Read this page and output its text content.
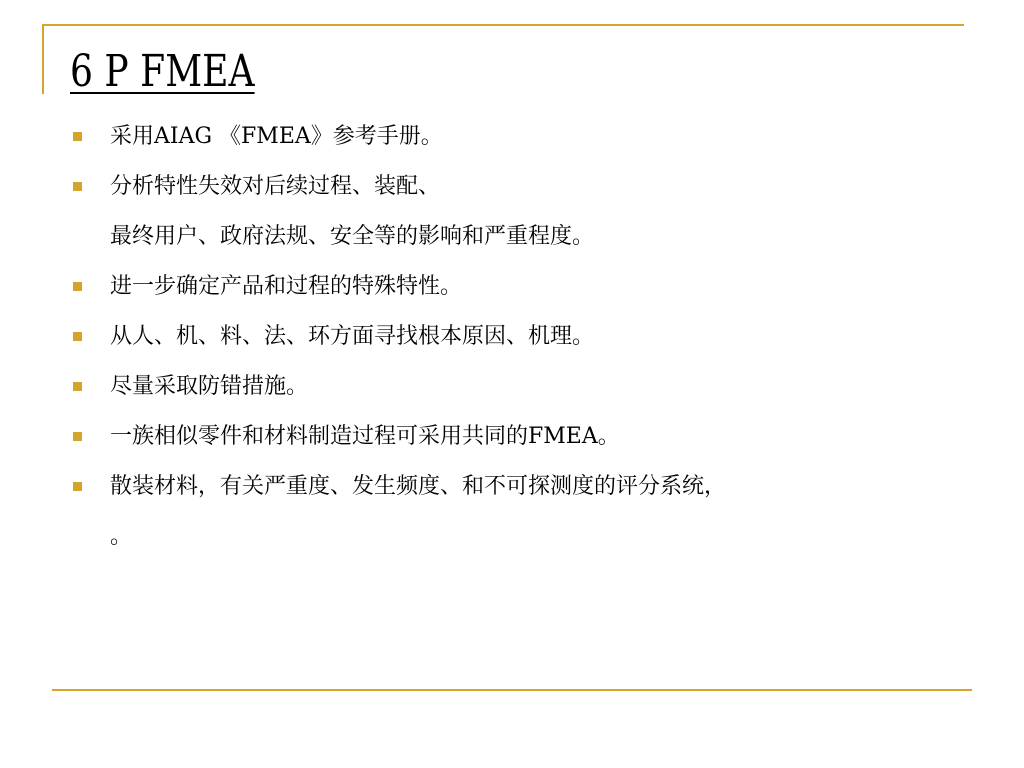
6 P FMEA
采用AIAG 《FMEA》参考手册。
分析特性失效对后续过程、装配、
最终用户、政府法规、安全等的影响和严重程度。
进一步确定产品和过程的特殊特性。
从人、机、料、法、环方面寻找根本原因、机理。
尽量采取防错措施。
一族相似零件和材料制造过程可采用共同的FMEA。
散装材料，有关严重度、发生频度、和不可探测度的评分系统，
。
